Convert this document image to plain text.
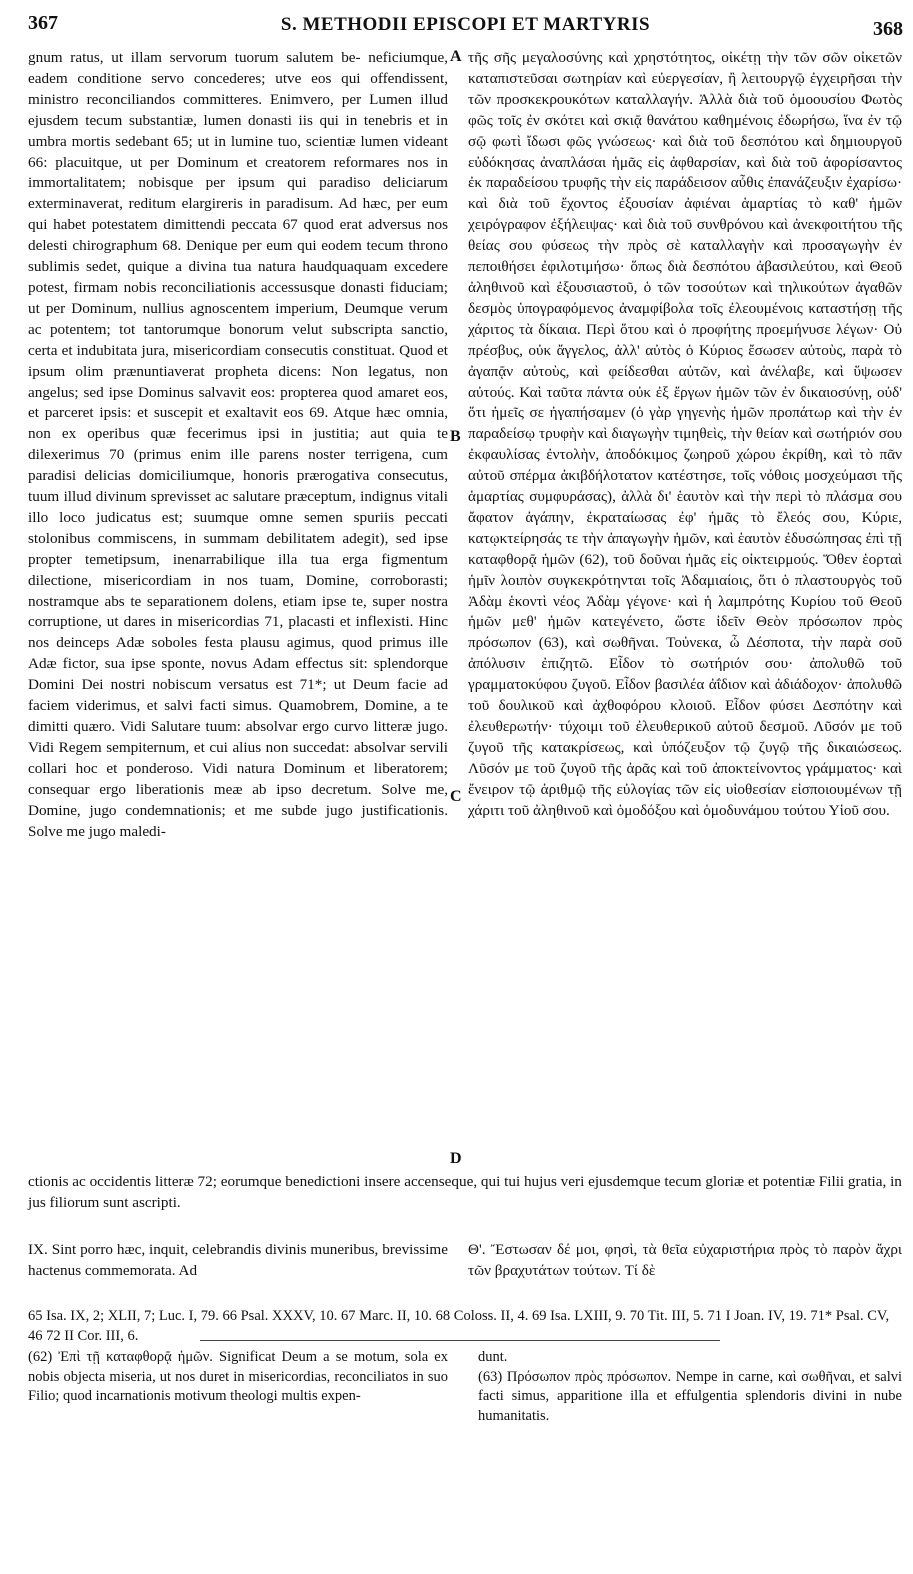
367	S. METHODII EPISCOPI ET MARTYRIS	368

gnum ratus, ut illam servorum tuorum salutem be- neficiumque, eadem conditione servo concederes; utve eos qui offendissent, ministro reconciliandos committeres. Enimvero, per Lumen illud ejusdem tecum substantiæ, lumen donasti iis qui in tenebris et in umbra mortis sedebant 65; ut in lumine tuo, scientiæ lumen videant 66: placuitque, ut per Dominum et creatorem reformares nos in immortalitatem; nobisque per ipsum qui paradiso deliciarum exterminaverat, reditum elargireris in paradisum. Ad hæc, per eum qui habet potestatem dimittendi peccata 67 quod erat adversus nos delesti chirographum 68. Denique per eum qui eodem tecum throno sublimis sedet, quique a divina tua natura haudquaquam excedere potest, firmam nobis reconciliationis accessusque donasti fiduciam; ut per Dominum, nullius agnoscentem imperium, Deumque verum ac potentem; tot tantorumque bonorum velut subscripta sanctio, certa et indubitata jura, misericordiam consecutis constituat. Quod et ipsum olim prænuntiaverat propheta dicens: Non legatus, non angelus; sed ipse Dominus salvavit eos: propterea quod amaret eos, et parceret ipsis: et suscepit et exaltavit eos 69. Atque hæc omnia, non ex operibus quæ fecerimus ipsi in justitia; aut quia te dilexerimus 70 (primus enim ille parens noster terrigena, cum paradisi delicias domiciliumque, honoris prærogativa consecutus, tuum illud divinum sprevisset ac salutare præceptum, indignus vitali illo loco judicatus est; suumque omne semen spuriis peccati stolonibus commiscens, in summam debilitatem adegit), sed ipse propter temetipsum, inenarrabilique illa tua erga figmentum dilectione, misericordiam in nos tuam, Domine, corroborasti; nostramque abs te separationem dolens, etiam ipse te, super nostra corruptione, ut dares in misericordias 71, placasti et inflexisti. Hinc nos deinceps Adæ soboles festa plausu agimus, quod primus ille Adæ fictor, sua ipse sponte, novus Adam effectus sit: splendorque Domini Dei nostri nobiscum versatus est 71*; ut Deum facie ad faciem viderimus, et salvi facti simus. Quamobrem, Domine, a te dimitti quæro. Vidi Salutare tuum: absolvar ergo curvo litteræ jugo. Vidi Regem sempiternum, et cui alius non succedat: absolvar servili collari hoc et ponderoso. Vidi natura Dominum et liberatorem; consequar ergo liberationis meæ ab ipso decretum. Solve me, Domine, jugo condemnationis; et me subde jugo justificationis. Solve me jugo maledi-

A
B
C
D

τῆς σῆς μεγαλοσύνης καὶ χρηστότητος, οἰκέτῃ τὴν τῶν σῶν οἰκετῶν καταπιστεῦσαι σωτηρίαν καὶ εὐεργεσίαν, ἢ λειτουργῷ ἐγχειρῆσαι τὴν τῶν προσκεκρουκότων καταλλαγήν. Ἀλλὰ διὰ τοῦ ὁμοουσίου Φωτὸς φῶς τοῖς ἐν σκότει καὶ σκιᾷ θανάτου καθημένοις ἐδωρήσω, ἵνα ἐν τῷ σῷ φωτὶ ἴδωσι φῶς γνώσεως· καὶ διὰ τοῦ δεσπότου καὶ δημιουργοῦ εὐδόκησας ἀναπλάσαι ἡμᾶς εἰς ἀφθαρσίαν, καὶ διὰ τοῦ ἀφορίσαντος ἐκ παραδείσου τρυφῆς τὴν εἰς παράδεισον αὖθις ἐπανάζευξιν ἐχαρίσω· καὶ διὰ τοῦ ἔχοντος ἐξουσίαν ἀφιέναι ἁμαρτίας τὸ καθ' ἡμῶν χειρόγραφον ἐξήλειψας· καὶ διὰ τοῦ συνθρόνου καὶ ἀνεκφοιτήτου τῆς θείας σου φύσεως τὴν πρὸς σὲ καταλλαγὴν καὶ προσαγωγὴν ἐν πεποιθήσει ἐφιλοτιμήσω· ὅπως διὰ δεσπότου ἀβασιλεύτου, καὶ Θεοῦ ἀληθινοῦ καὶ ἐξουσιαστοῦ, ὁ τῶν τοσούτων καὶ τηλικούτων ἀγαθῶν δεσμὸς ὑπογραφόμενος ἀναμφίβολα τοῖς ἐλεουμένοις καταστήσῃ τῆς χάριτος τὰ δίκαια. Περὶ ὅτου καὶ ὁ προφήτης προεμήνυσε λέγων· Οὐ πρέσβυς, οὐκ ἄγγελος, ἀλλ' αὐτὸς ὁ Κύριος ἔσωσεν αὐτοὺς, παρὰ τὸ ἀγαπᾷν αὐτοὺς, καὶ φείδεσθαι αὐτῶν, καὶ ἀνέλαβε, καὶ ὕψωσεν αὐτούς. Καὶ ταῦτα πάντα οὐκ ἐξ ἔργων ἡμῶν τῶν ἐν δικαιοσύνῃ, οὐδ' ὅτι ἡμεῖς σε ἠγαπήσαμεν (ὁ γὰρ γηγενὴς ἡμῶν προπάτωρ καὶ τὴν ἐν παραδείσῳ τρυφὴν καὶ διαγωγὴν τιμηθεὶς, τὴν θείαν καὶ σωτήριόν σου ἐκφαυλίσας ἐντολὴν, ἀποδόκιμος ζωηροῦ χώρου ἐκρίθη, καὶ τὸ πᾶν αὐτοῦ σπέρμα ἀκιβδήλοτατον κατέστησε, τοῖς νόθοις μοσχεύμασι τῆς ἁμαρτίας συμφυράσας), ἀλλὰ δι' ἑαυτὸν καὶ τὴν περὶ τὸ πλάσμα σου ἄφατον ἀγάπην, ἐκραταίωσας ἐφ' ἡμᾶς τὸ ἔλεός σου, Κύριε, κατῳκτείρησάς τε τὴν ἀπαγωγὴν ἡμῶν, καὶ ἑαυτὸν ἐδυσώπησας ἐπὶ τῇ καταφθορᾷ ἡμῶν (62), τοῦ δοῦναι ἡμᾶς εἰς οἰκτειρμούς. Ὅθεν ἑορταὶ ἡμῖν λοιπὸν συγκεκρότηνται τοῖς Ἀδαμιαίοις, ὅτι ὁ πλαστουργὸς τοῦ Ἀδὰμ ἑκοντὶ νέος Ἀδὰμ γέγονε· καὶ ἡ λαμπρότης Κυρίου τοῦ Θεοῦ ἡμῶν μεθ' ἡμῶν κατεγένετο, ὥστε ἰδεῖν Θεὸν πρόσωπον πρὸς πρόσωπον (63), καὶ σωθῆναι. Τοὐνεκα, ὦ Δέσποτα, τὴν παρὰ σοῦ ἀπόλυσιν ἐπιζητῶ. Εἶδον τὸ σωτήριόν σου· ἀπολυθῶ τοῦ γραμματοκύφου ζυγοῦ. Εἶδον βασιλέα ἀΐδιον καὶ ἀδιάδοχον· ἀπολυθῶ τοῦ δουλικοῦ καὶ ἀχθοφόρου κλοιοῦ. Εἶδον φύσει Δεσπότην καὶ ἐλευθερωτήν· τύχοιμι τοῦ ἐλευθερικοῦ αὐτοῦ δεσμοῦ. Λῦσόν με τοῦ ζυγοῦ τῆς κατακρίσεως, καὶ ὑπόζευξον τῷ ζυγῷ τῆς δικαιώσεως. Λῦσόν με τοῦ ζυγοῦ τῆς ἀρᾶς καὶ τοῦ ἀποκτείνοντος γράμματος· καὶ ἔνειρον τῷ ἀριθμῷ τῆς εὐλογίας τῶν εἰς υἱοθεσίαν εἰσποιουμένων τῇ χάριτι τοῦ ἀληθινοῦ καὶ ὁμοδόξου καὶ ὁμοδυνάμου τούτου Υἱοῦ σου.

ctionis ac occidentis litteræ 72; eorumque benedictioni insere accenseque, qui tui hujus veri ejusdemque tecum gloriæ et potentiæ Filii gratia, in jus filiorum sunt ascripti.
IX. Sint porro hæc, inquit, celebrandis divinis muneribus, brevissime hactenus commemorata. Ad
Θ'. Ἔστωσαν δέ μοι, φησὶ, τὰ θεῖα εὐχαριστήρια πρὸς τὸ παρὸν ἄχρι τῶν βραχυτάτων τούτων. Τί δὲ

65 Isa. IX, 2; XLII, 7; Luc. I, 79. 66 Psal. XXXV, 10. 67 Marc. II, 10. 68 Coloss. II, 4. 69 Isa. LXIII, 9. 70 Tit. III, 5. 71 I Joan. IV, 19. 71* Psal. CV, 46 72 II Cor. III, 6.

(62) Ἐπὶ τῇ καταφθορᾷ ἡμῶν. Significat Deum a se motum, sola ex nobis objecta miseria, ut nos duret in misericordias, reconciliatos in suo Filio; quod incarnationis motivum theologi multis expen-

dunt.

(63) Πρόσωπον πρὸς πρόσωπον. Nempe in carne, καὶ σωθῆναι, et salvi facti simus, apparitione illa et effulgentia splendoris divini in nube humanitatis.
